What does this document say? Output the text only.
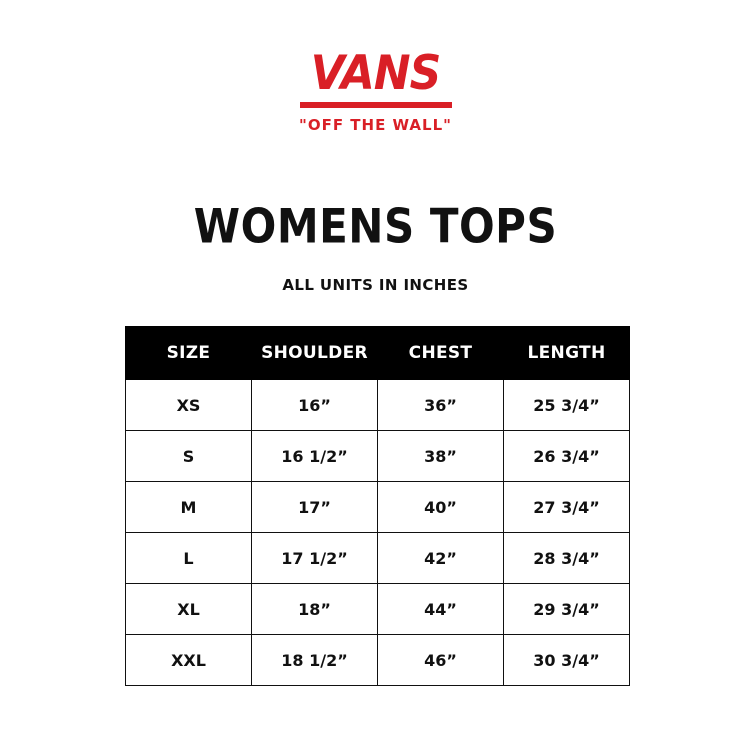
VANS
"OFF THE WALL"
WOMENS TOPS
ALL UNITS IN INCHES
SIZE	SHOULDER	CHEST	LENGTH
XS	16”	36”	25 3/4”
S	16 1/2”	38”	26 3/4”
M	17”	40”	27 3/4”
L	17 1/2”	42”	28 3/4”
XL	18”	44”	29 3/4”
XXL	18 1/2”	46”	30 3/4”
